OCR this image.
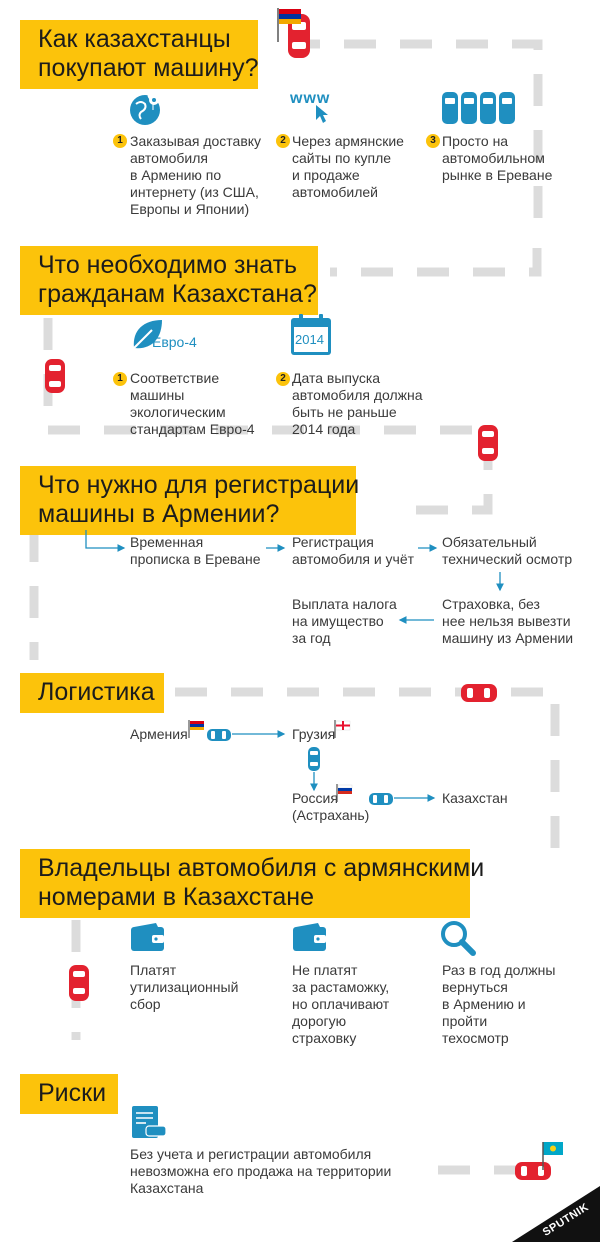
Как казахстанцы
покупают машину?
1 Заказывая доставку
автомобиля
в Армению по
интернету (из США,
Европы и Японии)
www
2 Через армянские
сайты по купле
и продаже
автомобилей
3 Просто на
автомобильном
рынке в Ереване
Что необходимо знать
гражданам Казахстана?
Евро-4
1 Соответствие
машины
экологическим
стандартам Евро-4
2014
2 Дата выпуска
автомобиля должна
быть не раньше
2014 года
Что нужно для регистрации
машины в Армении?
Временная
прописка в Ереване
Регистрация
автомобиля и учёт
Обязательный
технический осмотр
Страховка, без
нее нельзя вывезти
машину из Армении
Выплата налога
на имущество
за год
Логистика
Армения	Грузия
Россия
(Астрахань)
Казахстан
Владельцы автомобиля с армянскими
номерами в Казахстане
Платят
утилизационный
сбор
Не платят
за растаможку,
но оплачивают
дорогую
страховку
Раз в год должны
вернуться
в Армению и
пройти
техосмотр
Риски
Без учета и регистрации автомобиля
невозможна его продажа на территории
Казахстана
SPUTNIK
